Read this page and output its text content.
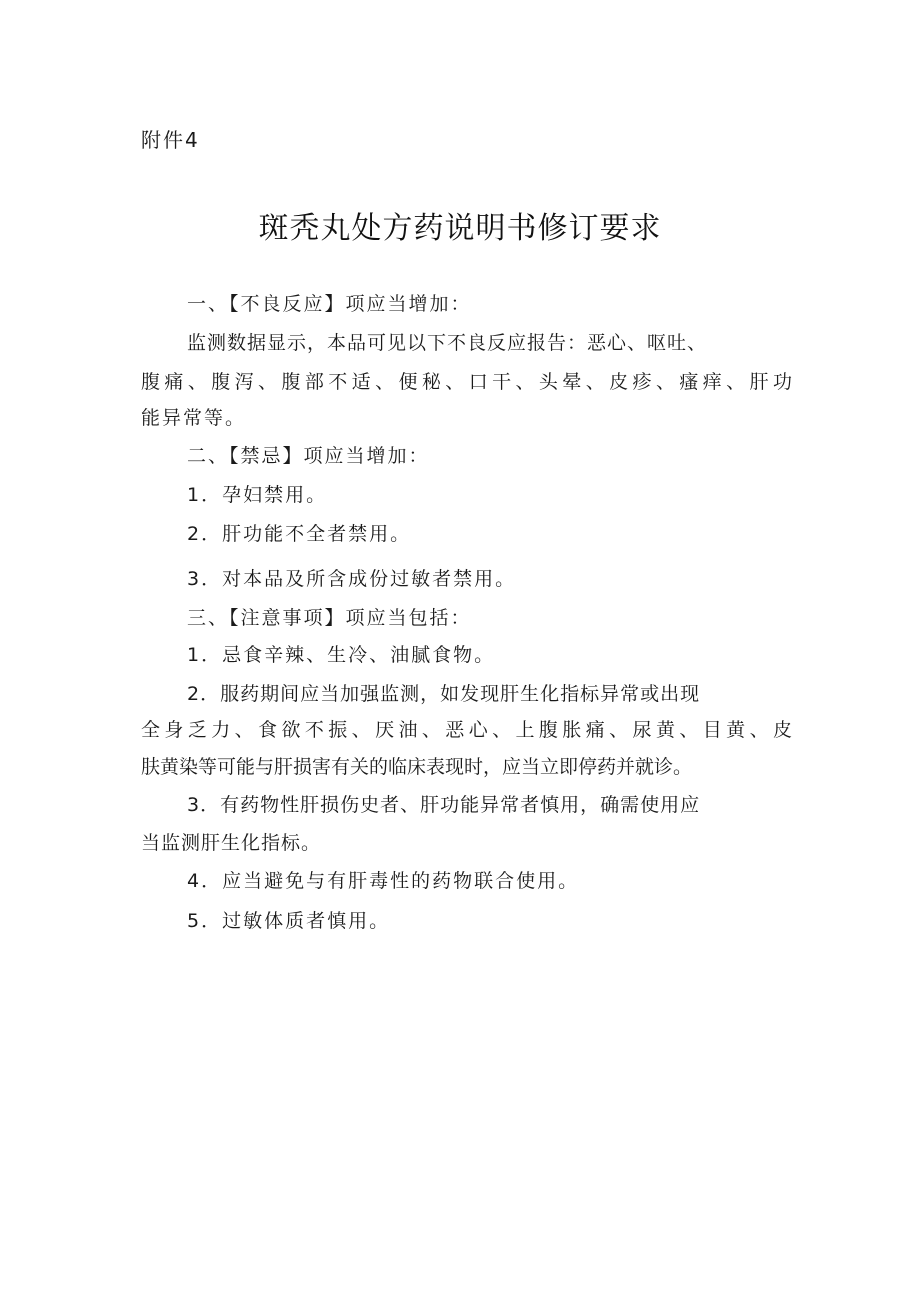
附件4
斑秃丸处方药说明书修订要求
一、【不良反应】项应当增加：
监测数据显示，本品可见以下不良反应报告：恶心、呕吐、
腹痛、腹泻、腹部不适、便秘、口干、头晕、皮疹、瘙痒、肝功
能异常等。
二、【禁忌】项应当增加：
1．孕妇禁用。
2．肝功能不全者禁用。
3．对本品及所含成份过敏者禁用。
三、【注意事项】项应当包括：
1．忌食辛辣、生冷、油腻食物。
2．服药期间应当加强监测，如发现肝生化指标异常或出现
全身乏力、食欲不振、厌油、恶心、上腹胀痛、尿黄、目黄、皮
肤黄染等可能与肝损害有关的临床表现时，应当立即停药并就诊。
3．有药物性肝损伤史者、肝功能异常者慎用，确需使用应
当监测肝生化指标。
4．应当避免与有肝毒性的药物联合使用。
5．过敏体质者慎用。
